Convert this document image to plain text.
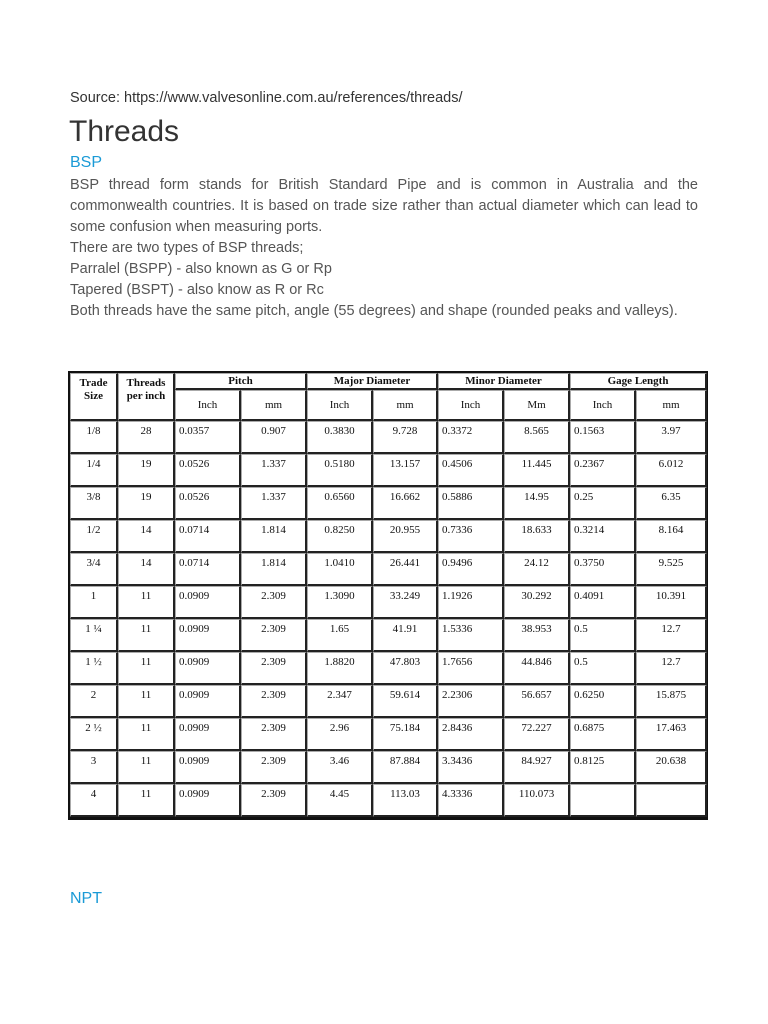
Source: https://www.valvesonline.com.au/references/threads/
Threads
BSP

BSP thread form stands for British Standard Pipe and is common in Australia and the commonwealth countries. It is based on trade size rather than actual diameter which can lead to some confusion when measuring ports.

There are two types of BSP threads;

Parralel (BSPP) - also known as G or Rp

Tapered (BSPT) - also know as R or Rc

Both threads have the same pitch, angle (55 degrees) and shape (rounded peaks and valleys).

Trade Size	Threads per inch	Pitch		Major Diameter		Minor Diameter		Gage Length	
		Inch	mm	Inch	mm	Inch	Mm	Inch	mm
1/8	28	0.0357	0.907	0.3830	9.728	0.3372	8.565	0.1563	3.97
1/4	19	0.0526	1.337	0.5180	13.157	0.4506	11.445	0.2367	6.012
3/8	19	0.0526	1.337	0.6560	16.662	0.5886	14.95	0.25	6.35
1/2	14	0.0714	1.814	0.8250	20.955	0.7336	18.633	0.3214	8.164
3/4	14	0.0714	1.814	1.0410	26.441	0.9496	24.12	0.3750	9.525
1	11	0.0909	2.309	1.3090	33.249	1.1926	30.292	0.4091	10.391
1 ¼	11	0.0909	2.309	1.65	41.91	1.5336	38.953	0.5	12.7
1 ½	11	0.0909	2.309	1.8820	47.803	1.7656	44.846	0.5	12.7
2	11	0.0909	2.309	2.347	59.614	2.2306	56.657	0.6250	15.875
2 ½	11	0.0909	2.309	2.96	75.184	2.8436	72.227	0.6875	17.463
3	11	0.0909	2.309	3.46	87.884	3.3436	84.927	0.8125	20.638
4	11	0.0909	2.309	4.45	113.03	4.3336	110.073		
NPT
